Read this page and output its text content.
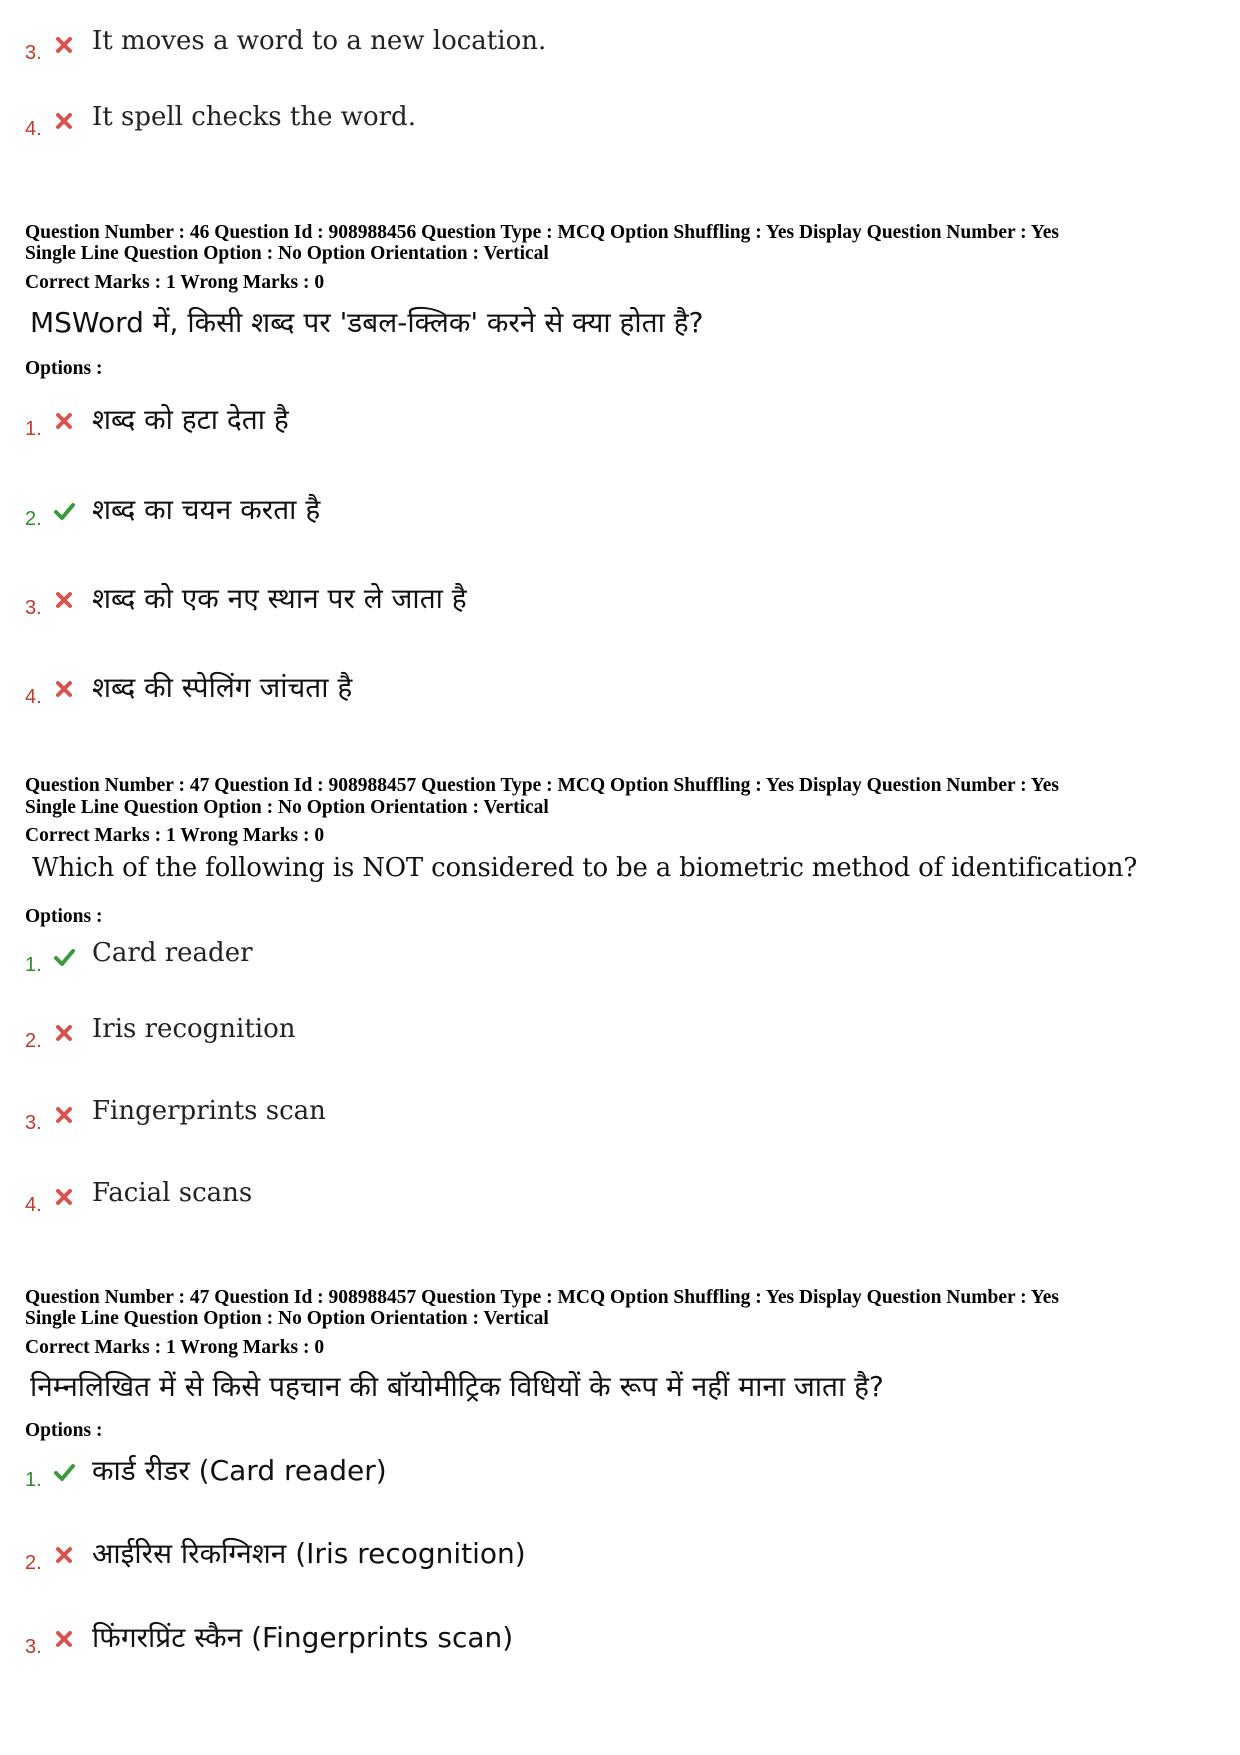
3. It moves a word to a new location.
4. It spell checks the word.
Question Number : 46 Question Id : 908988456 Question Type : MCQ Option Shuffling : Yes Display Question Number : Yes
Single Line Question Option : No Option Orientation : Vertical
Correct Marks : 1 Wrong Marks : 0
MSWord में, किसी शब्द पर 'डबल-क्लिक' करने से क्या होता है?
Options :
1. शब्द को हटा देता है
2. शब्द का चयन करता है
3. शब्द को एक नए स्थान पर ले जाता है
4. शब्द की स्पेलिंग जांचता है
Question Number : 47 Question Id : 908988457 Question Type : MCQ Option Shuffling : Yes Display Question Number : Yes
Single Line Question Option : No Option Orientation : Vertical
Correct Marks : 1 Wrong Marks : 0
Which of the following is NOT considered to be a biometric method of identification?
Options :
1. Card reader
2. Iris recognition
3. Fingerprints scan
4. Facial scans
Question Number : 47 Question Id : 908988457 Question Type : MCQ Option Shuffling : Yes Display Question Number : Yes
Single Line Question Option : No Option Orientation : Vertical
Correct Marks : 1 Wrong Marks : 0
निम्नलिखित में से किसे पहचान की बॉयोमीट्रिक विधियों के रूप में नहीं माना जाता है?
Options :
1. कार्ड रीडर (Card reader)
2. आईरिस रिकग्निशन (Iris recognition)
3. फिंगरप्रिंट स्कैन (Fingerprints scan)
